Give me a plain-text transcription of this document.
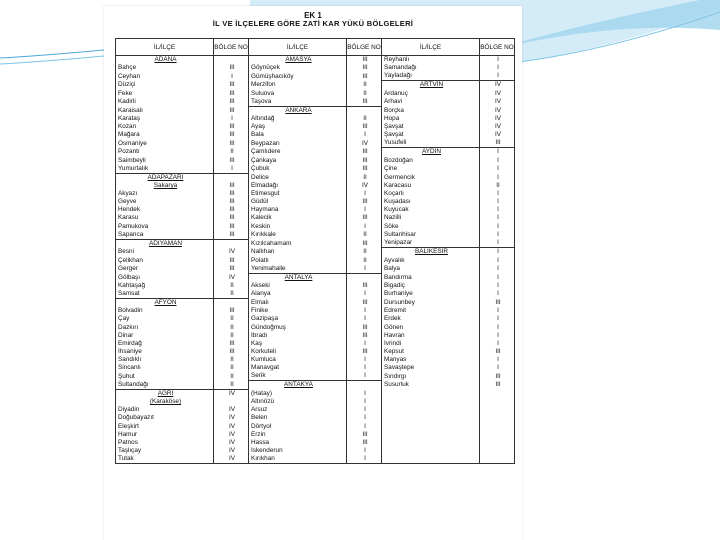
EK 1
İL VE İLÇELERE GÖRE ZATİ KAR YÜKÜ BÖLGELERİ
İL/İLÇE	BÖLGE NO	İL/İLÇE	BÖLGE NO	İL/İLÇE	BÖLGE NO
ADANA		AMASYA	III	Reyhanlı	I
Bahçe	III	Göynüçek	III	Samandağı	I
Ceyhan	I	Gümüşhacıköy	III	Yayladağı	I
Düziçi	III	Merzifon	II	ARTVİN	IV
Feke	III	Suluova	II	Ardanuç	IV
Kadirli	III	Taşova	III	Arhavi	IV
Karaisalı	III	ANKARA		Borçka	IV
Karataş	I	Altındağ	II	Hopa	IV
Kozan	III	Ayaş	III	Şavşat	IV
Mağara	III	Bala	I	Şavşat	IV
Osmaniye	III	Beypazarı	IV	Yusufeli	III
Pozantı	II	Çamlıdere	III	AYDIN	I
Saimbeyli	III	Çankaya	III	Bozdoğan	I
Yumurtalık	I	Çubuk	III	Çine	I
ADAPAZARI		Delice	II	Germencik	I
Sakarya	III	Elmadağı	IV	Karacasu	II
Akyazı	III	Etimesgut	I	Koçarlı	I
Geyve	III	Güdül	III	Kuşadası	I
Hendek	III	Haymana	I	Kuyucak	I
Karasu	III	Kalecik	III	Nazilli	I
Pamukova	III	Keskin	I	Söke	I
Sapanca	III	Kırıkkale	II	Sultanhisar	I
ADIYAMAN		Kızılcahamam	III	Yenipazar	I
Besni	IV	Nallıhan	II	BALIKESİR	I
Çelikhan	III	Polatlı	II	Ayvalık	I
Gerger	III	Yenimahalle	I	Balya	I
Gölbaşı	IV	ANTALYA		Bandırma	I
Kahtaşağ	II	Akseki	III	Bigadiç	I
Samsat	II	Alanya	I	Burhaniye	I
AFYON		Elmalı	III	Dursunbey	III
Bolvadin	III	Finike	I	Edremit	I
Çay	II	Gazipaşa	I	Erdek	I
Dazkırı	II	Gündoğmuş	III	Gönen	I
Dinar	II	İbradı	III	Havran	I
Emirdağ	III	Kaş	I	İvrindi	I
İhsaniye	III	Korkuteli	III	Kepsut	III
Sandıklı	II	Kumluca	I	Manyas	I
Sincanlı	II	Manavgat	I	Savaştepe	I
Şuhut	II	Serik	I	Sındırgı	III
Sultandağı	II	ANTAKYA		Susurluk	III
AGRI	IV	(Hatay)	I		
(Karaköse)		Altınözü	I		
Diyadin	IV	Arsuz	I		
Doğubayazıt	IV	Belen	I		
Eleşkirt	IV	Dörtyol	I		
Hamur	IV	Erzin	III		
Patnos	IV	Hassa	III		
Taşlıçay	IV	İskenderun	I		
Tutak	IV	Kırıkhan	I		
